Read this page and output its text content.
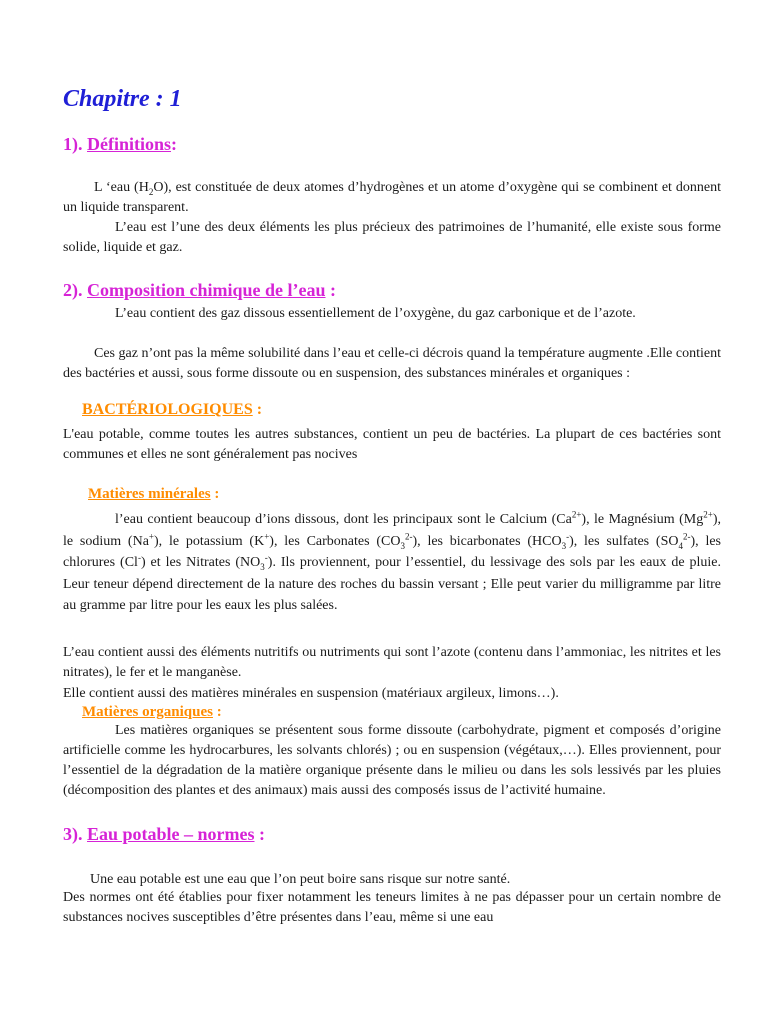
Chapitre : 1
1). Définitions:

L ‘eau $(H_2O)$, est constituée de deux atomes d’hydrogènes et un atome d’oxygène qui se combinent et donnent un liquide transparent.

L’eau est l’une des deux éléments les plus précieux des patrimoines de l’humanité, elle existe sous forme solide, liquide et gaz.

2). Composition chimique de l’eau :

L’eau contient des gaz dissous essentiellement de l’oxygène, du gaz carbonique et de l’azote.

Ces gaz n’ont pas la même solubilité dans l’eau et celle-ci décrois quand la température augmente .Elle contient des bactéries et aussi, sous forme dissoute ou en suspension, des substances minérales et organiques :

BACTÉRIOLOGIQUES :

L'eau potable, comme toutes les autres substances, contient un peu de bactéries. La plupart de ces bactéries sont communes et elles ne sont généralement pas nocives

Matières minérales :

l’eau contient beaucoup d’ions dissous, dont les principaux sont le Calcium $(Ca^{2+})$, le Magnésium $(Mg^{2+})$, le sodium (Na+), le potassium (K+), les Carbonates $(CO_3^{2-})$, les bicarbonates $(HCO_3^-)$, les sulfates $(SO_4^{2-})$, les chlorures (Cl-) et les Nitrates $(NO_3^-)$. Ils proviennent, pour l’essentiel, du lessivage des sols par les eaux de pluie. Leur teneur dépend directement de la nature des roches du bassin versant ; Elle peut varier du milligramme par litre au gramme par litre pour les eaux les plus salées.

L’eau contient aussi des éléments nutritifs ou nutriments qui sont l’azote (contenu dans l’ammoniac, les nitrites et les nitrates), le fer et le manganèse.

Elle contient aussi des matières minérales en suspension (matériaux argileux, limons…).

Matières organiques :

Les matières organiques se présentent sous forme dissoute (carbohydrate, pigment et composés d’origine artificielle comme les hydrocarbures, les solvants chlorés) ; ou en suspension (végétaux,…). Elles proviennent, pour l’essentiel de la dégradation de la matière organique présente dans le milieu ou dans les sols lessivés par les pluies (décomposition des plantes et des animaux) mais aussi des composés issus de l’activité humaine.

3). Eau potable – normes :

Une eau potable est une eau que l’on peut boire sans risque sur notre santé.

Des normes ont été établies pour fixer notamment les teneurs limites à ne pas dépasser pour un certain nombre de substances nocives susceptibles d’être présentes dans l’eau, même si une eau
